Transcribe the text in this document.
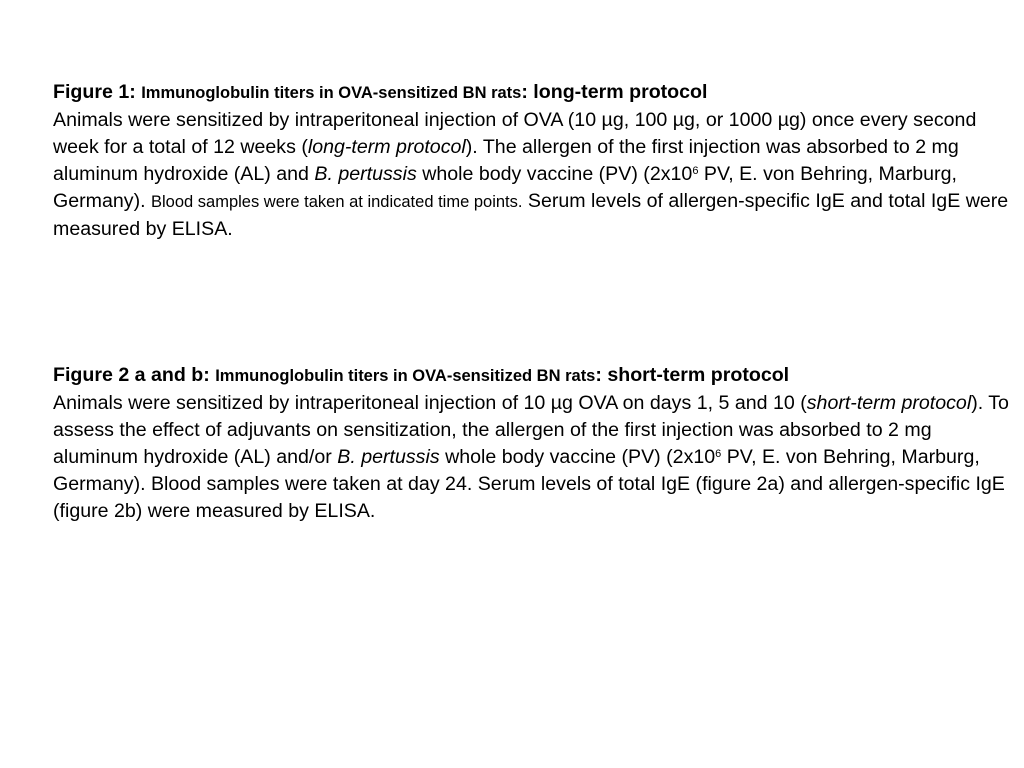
Figure 1: Immunoglobulin titers in OVA-sensitized BN rats: long-term protocol

Animals were sensitized by intraperitoneal injection of OVA (10 µg, 100 µg, or 1000 µg) once every second week for a total of 12 weeks (long-term protocol). The allergen of the first injection was absorbed to 2 mg aluminum hydroxide (AL) and B. pertussis whole body vaccine (PV) ($2x10^6$ PV, E. von Behring, Marburg, Germany). Blood samples were taken at indicated time points. Serum levels of allergen-specific IgE and total IgE were measured by ELISA.

Figure 2 a and b: Immunoglobulin titers in OVA-sensitized BN rats: short-term protocol

Animals were sensitized by intraperitoneal injection of 10 µg OVA on days 1, 5 and 10 (short-term protocol). To assess the effect of adjuvants on sensitization, the allergen of the first injection was absorbed to 2 mg aluminum hydroxide (AL) and/or B. pertussis whole body vaccine (PV) ($2x10^6$ PV, E. von Behring, Marburg, Germany). Blood samples were taken at day 24. Serum levels of total IgE (figure 2a) and allergen-specific IgE (figure 2b) were measured by ELISA.
